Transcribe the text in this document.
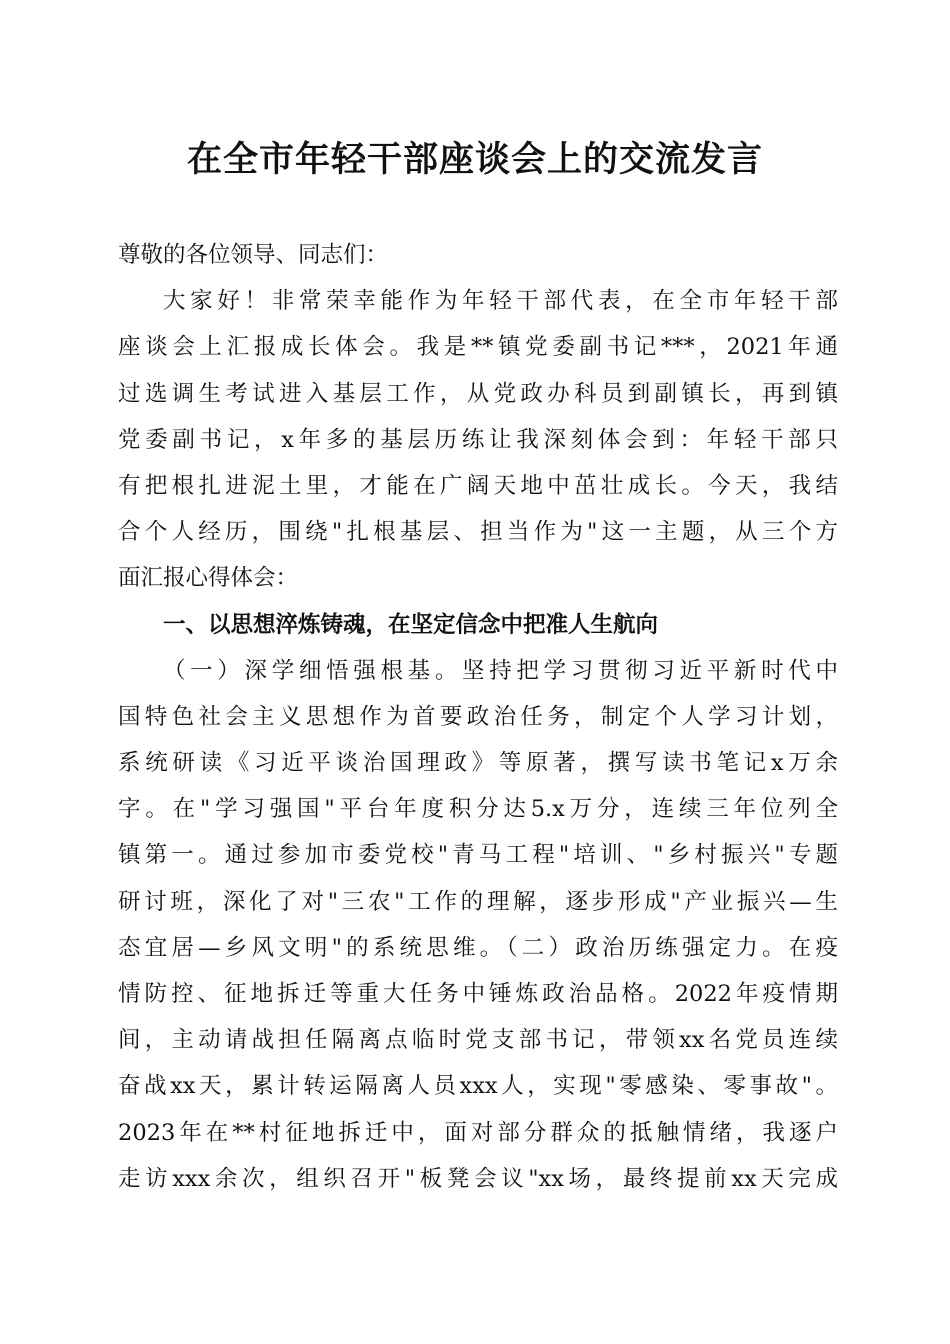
在全市年轻干部座谈会上的交流发言
尊敬的各位领导、同志们：
大家好！非常荣幸能作为年轻干部代表，在全市年轻干部
座谈会上汇报成长体会。我是**镇党委副书记***，2021年通
过选调生考试进入基层工作，从党政办科员到副镇长，再到镇
党委副书记，x年多的基层历练让我深刻体会到：年轻干部只
有把根扎进泥土里，才能在广阔天地中茁壮成长。今天，我结
合个人经历，围绕"扎根基层、担当作为"这一主题，从三个方
面汇报心得体会：
一、以思想淬炼铸魂，在坚定信念中把准人生航向
（一）深学细悟强根基。坚持把学习贯彻习近平新时代中
国特色社会主义思想作为首要政治任务，制定个人学习计划，
系统研读《习近平谈治国理政》等原著，撰写读书笔记x万余
字。在"学习强国"平台年度积分达5.x万分，连续三年位列全
镇第一。通过参加市委党校"青马工程"培训、"乡村振兴"专题
研讨班，深化了对"三农"工作的理解，逐步形成"产业振兴—生
态宜居—乡风文明"的系统思维。（二）政治历练强定力。在疫
情防控、征地拆迁等重大任务中锤炼政治品格。2022年疫情期
间，主动请战担任隔离点临时党支部书记，带领xx名党员连续
奋战xx天，累计转运隔离人员xxx人，实现"零感染、零事故"。
2023年在**村征地拆迁中，面对部分群众的抵触情绪，我逐户
走访xxx余次，组织召开"板凳会议"xx场，最终提前xx天完成
